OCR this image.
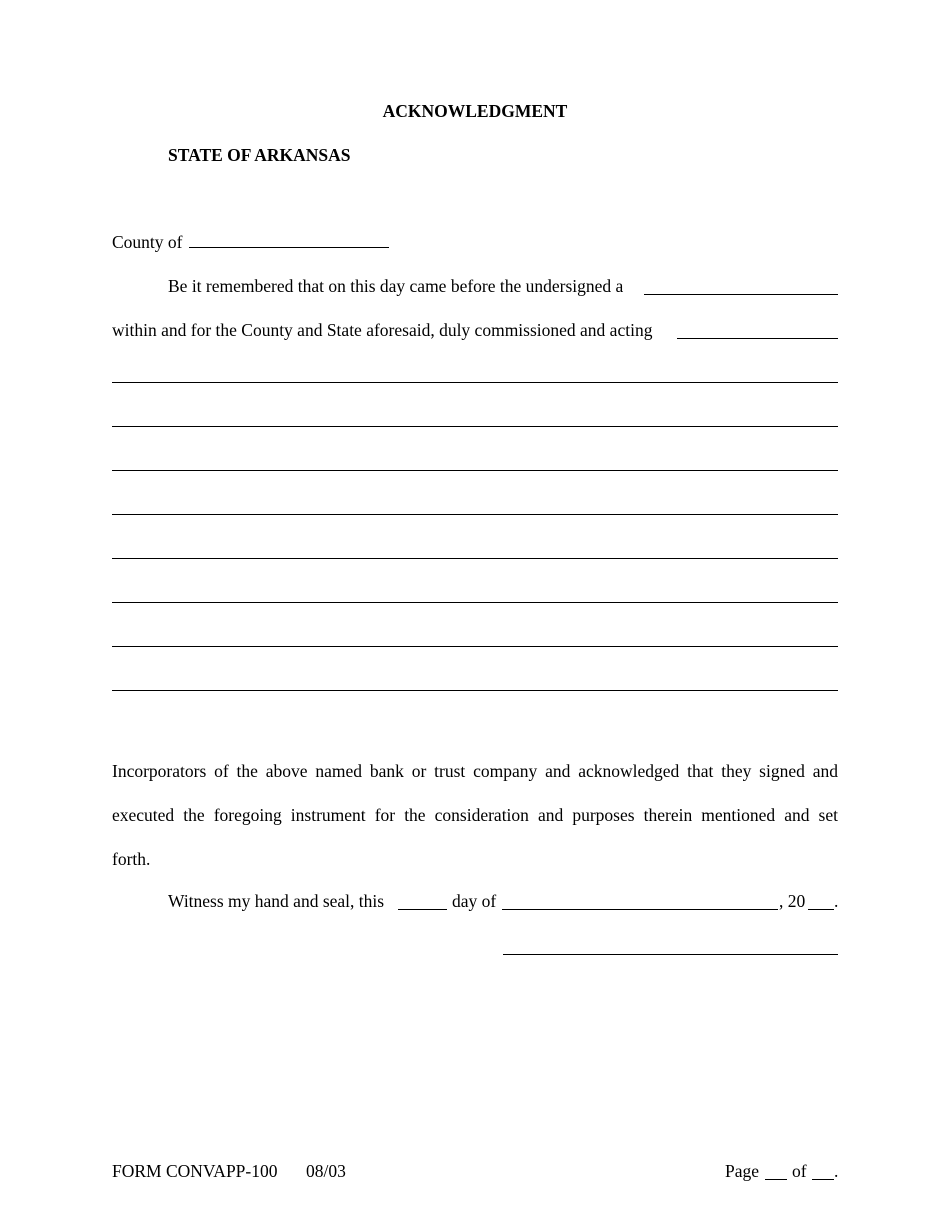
ACKNOWLEDGMENT
STATE OF ARKANSAS
County of
Be it remembered that on this day came before the undersigned a
within and for the County and State aforesaid, duly commissioned and acting
Incorporators of the above named bank or trust company and acknowledged that they signed and
executed the foregoing instrument for the consideration and purposes therein mentioned and set
forth.
Witness my hand and seal, this	day of	, 20 .
FORM CONVAPP-100 08/03	Page of .
